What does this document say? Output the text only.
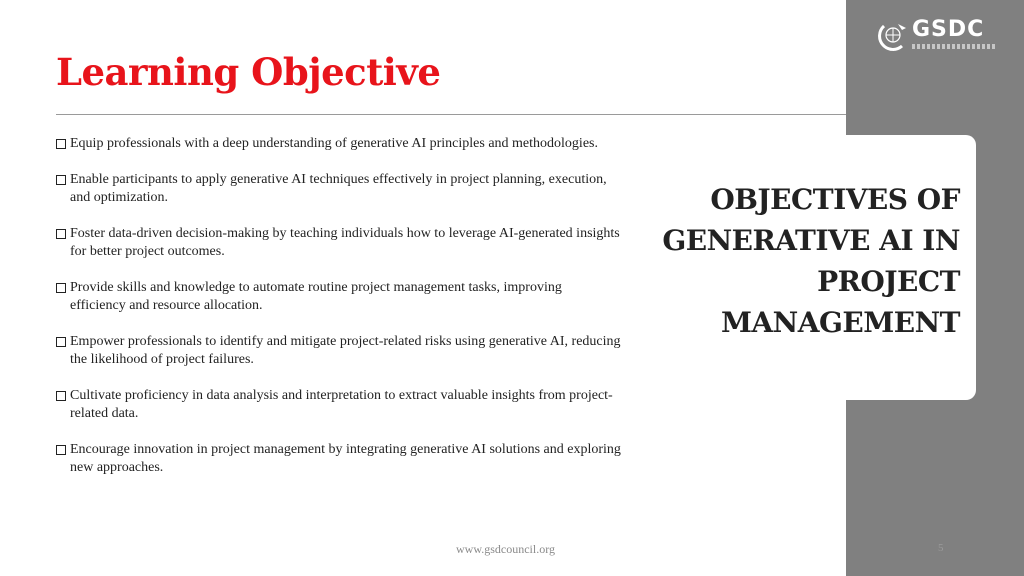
GSDC
Learning Objective
Equip professionals with a deep understanding of generative AI principles and methodologies.
Enable participants to apply generative AI techniques effectively in project planning, execution, and optimization.
Foster data-driven decision-making by teaching individuals how to leverage AI-generated insights for better project outcomes.
Provide skills and knowledge to automate routine project management tasks, improving efficiency and resource allocation.
Empower professionals to identify and mitigate project-related risks using generative AI, reducing the likelihood of project failures.
Cultivate proficiency in data analysis and interpretation to extract valuable insights from project-related data.
Encourage innovation in project management by integrating generative AI solutions and exploring new approaches.
OBJECTIVES OF
GENERATIVE AI IN
PROJECT
MANAGEMENT
www.gsdcouncil.org	5
